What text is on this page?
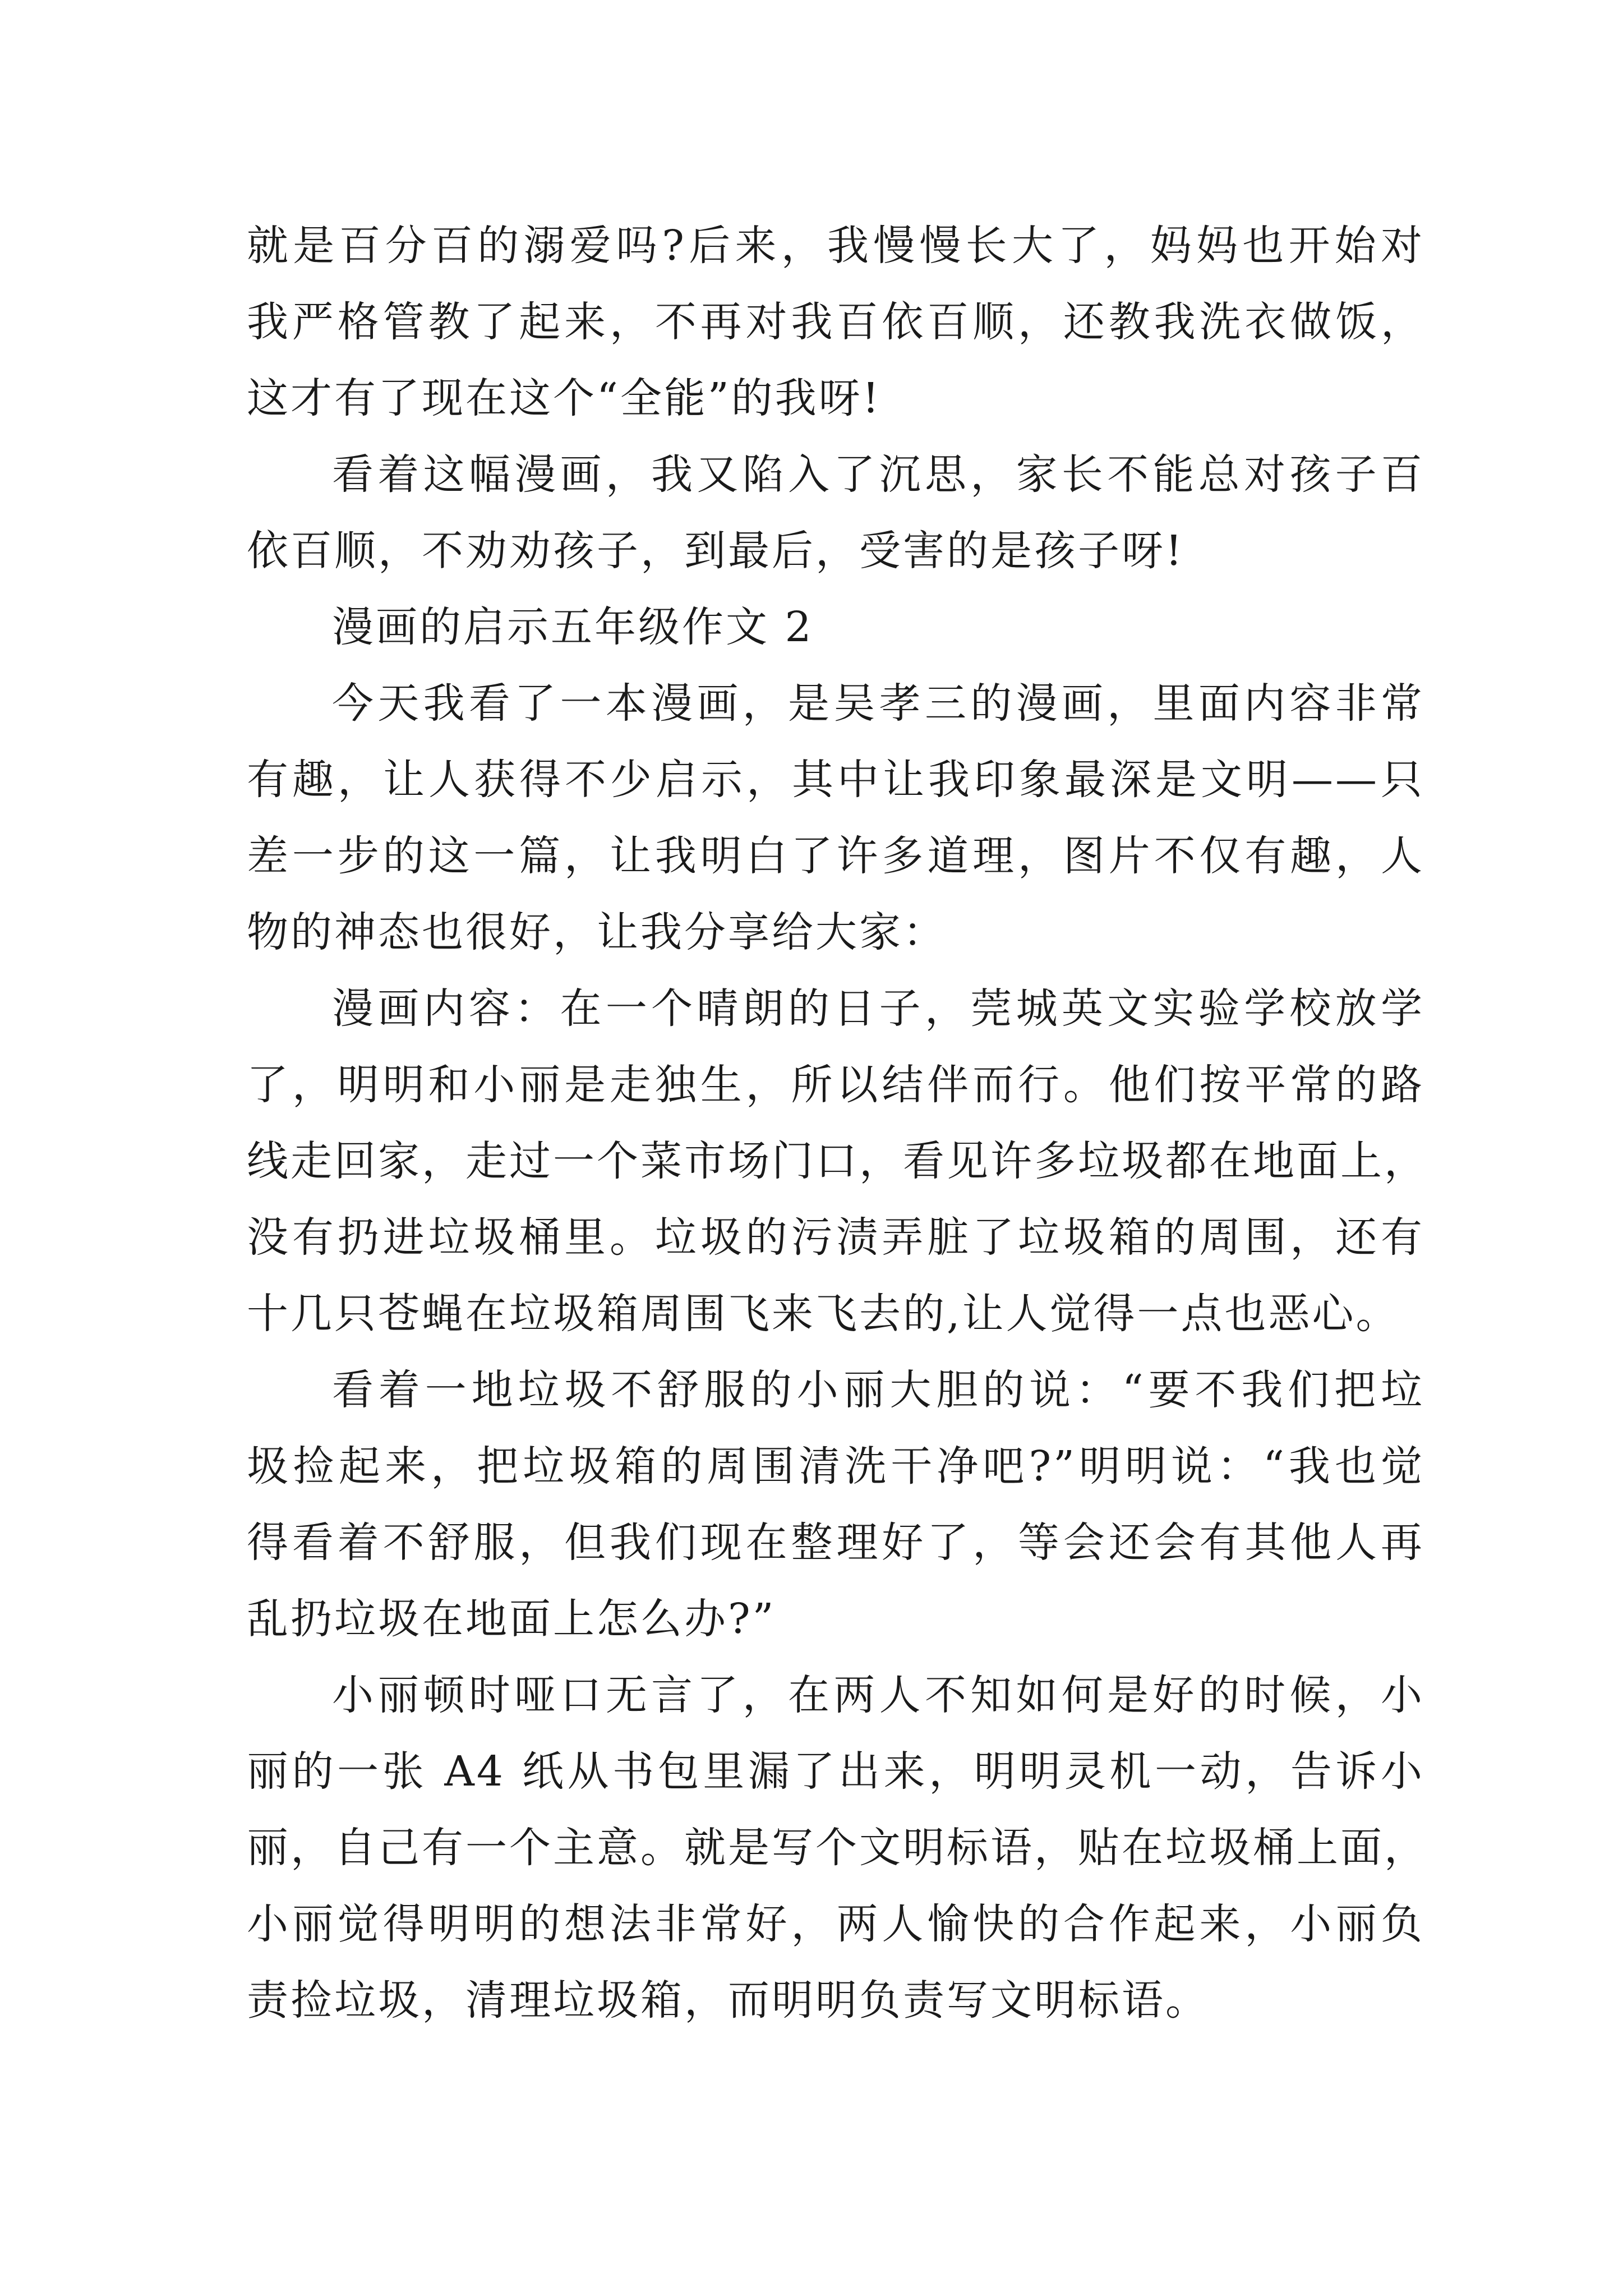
就是百分百的溺爱吗?后来，我慢慢长大了，妈妈也开始对
我严格管教了起来，不再对我百依百顺，还教我洗衣做饭，
这才有了现在这个“全能”的我呀!
看着这幅漫画，我又陷入了沉思，家长不能总对孩子百
依百顺，不劝劝孩子，到最后，受害的是孩子呀!
漫画的启示五年级作文 2
今天我看了一本漫画，是吴孝三的漫画，里面内容非常
有趣，让人获得不少启示，其中让我印象最深是文明——只
差一步的这一篇，让我明白了许多道理，图片不仅有趣，人
物的神态也很好，让我分享给大家：
漫画内容：在一个晴朗的日子，莞城英文实验学校放学
了，明明和小丽是走独生，所以结伴而行。他们按平常的路
线走回家，走过一个菜市场门口，看见许多垃圾都在地面上，
没有扔进垃圾桶里。垃圾的污渍弄脏了垃圾箱的周围，还有
十几只苍蝇在垃圾箱周围飞来飞去的,让人觉得一点也恶心。
看着一地垃圾不舒服的小丽大胆的说：“要不我们把垃
圾捡起来，把垃圾箱的周围清洗干净吧?”明明说：“我也觉
得看着不舒服，但我们现在整理好了，等会还会有其他人再
乱扔垃圾在地面上怎么办?”
小丽顿时哑口无言了，在两人不知如何是好的时候，小
丽的一张 A4 纸从书包里漏了出来，明明灵机一动，告诉小
丽，自己有一个主意。就是写个文明标语，贴在垃圾桶上面，
小丽觉得明明的想法非常好，两人愉快的合作起来，小丽负
责捡垃圾，清理垃圾箱，而明明负责写文明标语。
